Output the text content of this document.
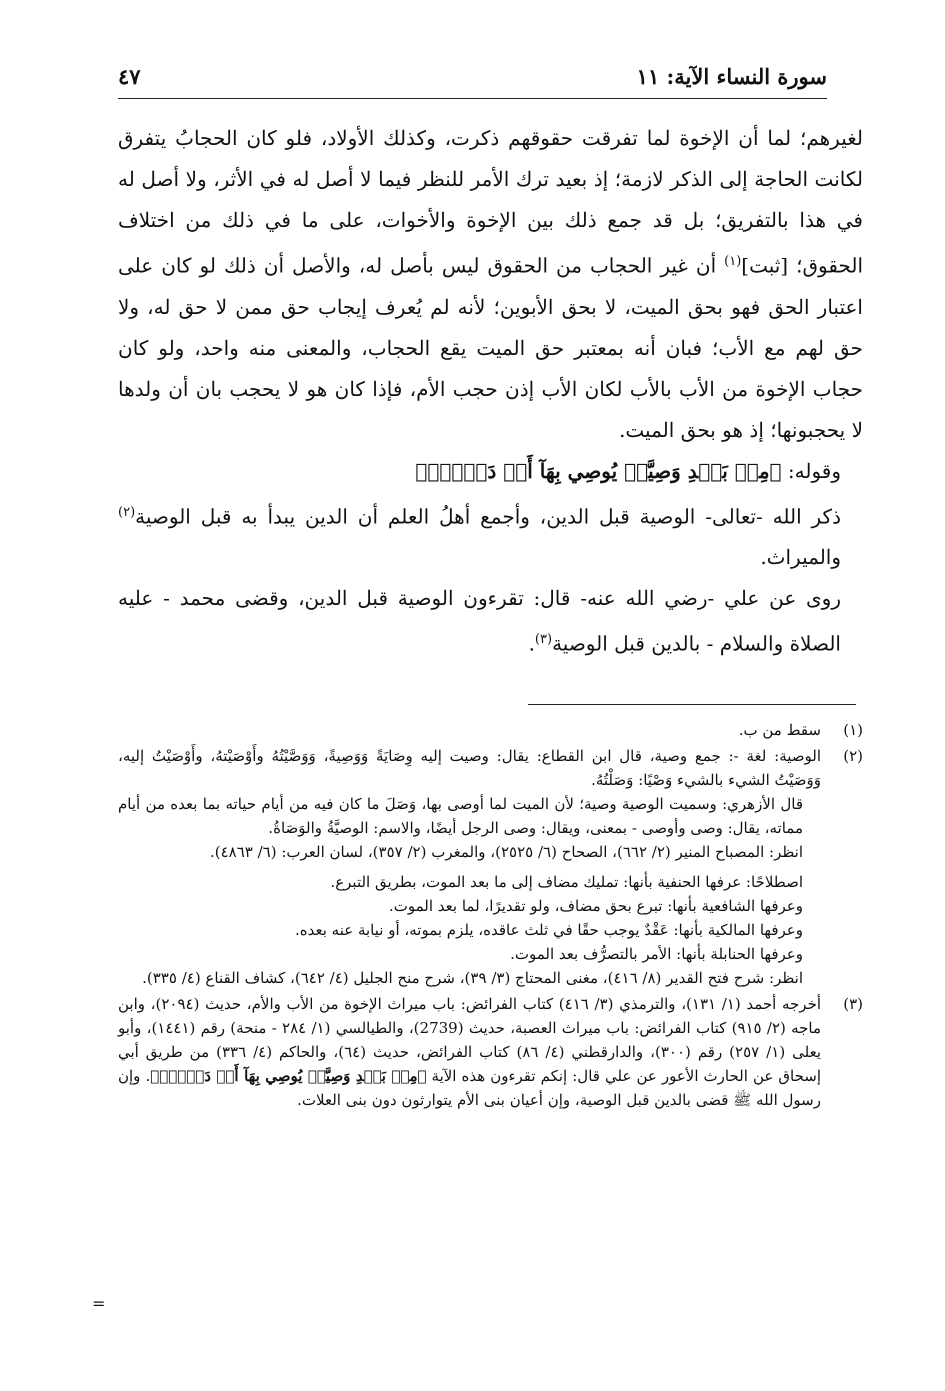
سورة النساء الآية: ١١
٤٧

لغيرهم؛ لما أن الإخوة لما تفرقت حقوقهم ذكرت، وكذلك الأولاد، فلو كان الحجابُ يتفرق لكانت الحاجة إلى الذكر لازمة؛ إذ بعيد ترك الأمر للنظر فيما لا أصل له في الأثر، ولا أصل له في هذا بالتفريق؛ بل قد جمع ذلك بين الإخوة والأخوات، على ما في ذلك من اختلاف الحقوق؛ [ثبت]$^{(١)}$ أن غير الحجاب من الحقوق ليس بأصل له، والأصل أن ذلك لو كان على اعتبار الحق فهو بحق الميت، لا بحق الأبوين؛ لأنه لم يُعرف إيجاب حق ممن لا حق له، ولا حق لهم مع الأب؛ فبان أنه بمعتبر حق الميت يقع الحجاب، والمعنى منه واحد، ولو كان حجاب الإخوة من الأب بالأب لكان الأب إذن حجب الأم، فإذا كان هو لا يحجب بان أن ولدها لا يحجبونها؛ إذ هو بحق الميت.

وقوله: ﴿مِنۢ بَعۡدِ وَصِيَّةٖ يُوصِي بِهَآ أَوۡ دَيۡنٍۗ﴾

ذكر الله -تعالى- الوصية قبل الدين، وأجمع أهلُ العلم أن الدين يبدأ به قبل الوصية$^{(٢)}$ والميراث.

روى عن علي -رضي الله عنه- قال: تقرءون الوصية قبل الدين، وقضى محمد - عليه الصلاة والسلام - بالدين قبل الوصية$^{(٣)}$.

(١)

سقط من ب.

(٢)

الوصية: لغة -: جمع وصية، قال ابن القطاع: يقال: وصيت إليه وِصَايَةً وَوَصِيةً، وَوَصَّيْتُهُ وأَوْصَيْتهُ، وأَوْصَيْتُ إليه، وَوَصَيْتُ الشيء بالشيء وَصْيًا: وَصَلْتُهُ.

قال الأزهري: وسميت الوصية وصية؛ لأن الميت لما أوصى بها، وَصَلَ ما كان فيه من أيام حياته بما بعده من أيام مماته، يقال: وصى وأوصى - بمعنى، ويقال: وصى الرجل أيضًا، والاسم: الوصيَّةُ والوَصَاةُ.

انظر: المصباح المنير (٢/ ٦٦٢)، الصحاح (٦/ ٢٥٢٥)، والمغرب (٢/ ٣٥٧)، لسان العرب: (٦/ ٤٨٦٣).

اصطلاحًا: عرفها الحنفية بأنها: تمليك مضاف إلى ما بعد الموت، بطريق التبرع.

وعرفها الشافعية بأنها: تبرع بحق مضاف، ولو تقديرًا، لما بعد الموت.

وعرفها المالكية بأنها: عَقْدٌ يوجب حقًا في ثلث عاقده، يلزم بموته، أو نيابة عنه بعده.

وعرفها الحنابلة بأنها: الأمر بالتصرُّف بعد الموت.

انظر: شرح فتح القدير (٨/ ٤١٦)، مغنى المحتاج (٣/ ٣٩)، شرح منح الجليل (٤/ ٦٤٢)، كشاف القناع (٤/ ٣٣٥).

(٣)

أخرجه أحمد (١/ ١٣١)، والترمذي (٣/ ٤١٦) كتاب الفرائض: باب ميراث الإخوة من الأب والأم، حديث (٢٠٩٤)، وابن ماجه (٢/ ٩١٥) كتاب الفرائض: باب ميراث العصبة، حديث (2739)، والطيالسي (١/ ٢٨٤ - منحة) رقم (١٤٤١)، وأبو يعلى (١/ ٢٥٧) رقم (٣٠٠)، والدارقطني (٤/ ٨٦) كتاب الفرائض، حديث (٦٤)، والحاكم (٤/ ٣٣٦) من طريق أبي إسحاق عن الحارث الأعور عن علي قال: إنكم تقرءون هذه الآية ﴿مِنۢ بَعۡدِ وَصِيَّةٖ يُوصِي بِهَآ أَوۡ دَيۡنٍۗ﴾. وإن رسول الله ﷺ قضى بالدين قبل الوصية، وإن أعيان بنى الأم يتوارثون دون بنى العلات.

=
